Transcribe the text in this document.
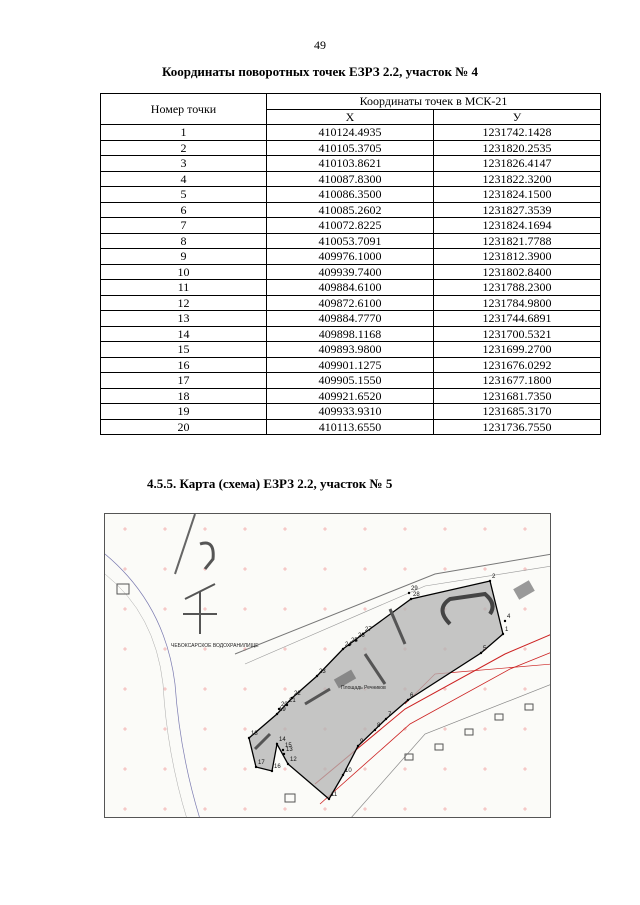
49
Координаты поворотных точек ЕЗРЗ 2.2, участок № 4
Номер точки	Координаты точек в МСК-21	
	X	У
1	410124.4935	1231742.1428
2	410105.3705	1231820.2535
3	410103.8621	1231826.4147
4	410087.8300	1231822.3200
5	410086.3500	1231824.1500
6	410085.2602	1231827.3539
7	410072.8225	1231824.1694
8	410053.7091	1231821.7788
9	409976.1000	1231812.3900
10	409939.7400	1231802.8400
11	409884.6100	1231788.2300
12	409872.6100	1231784.9800
13	409884.7770	1231744.6891
14	409898.1168	1231700.5321
15	409893.9800	1231699.2700
16	409901.1275	1231676.0292
17	409905.1550	1231677.1800
18	409921.6520	1231681.7350
19	409933.9310	1231685.3170
20	410113.6550	1231736.7550
4.5.5. Карта (схема) ЕЗРЗ 2.2, участок № 5
ЧЕБОКСАРСКОЕ ВОДОХРАНИЛИЩЕ
Площадь Речников
1
2
4
5
6
7
8
9
10
11
12
13
14
15
16
17
18
19
20
21
22
23
24
25
26
27
28
29
